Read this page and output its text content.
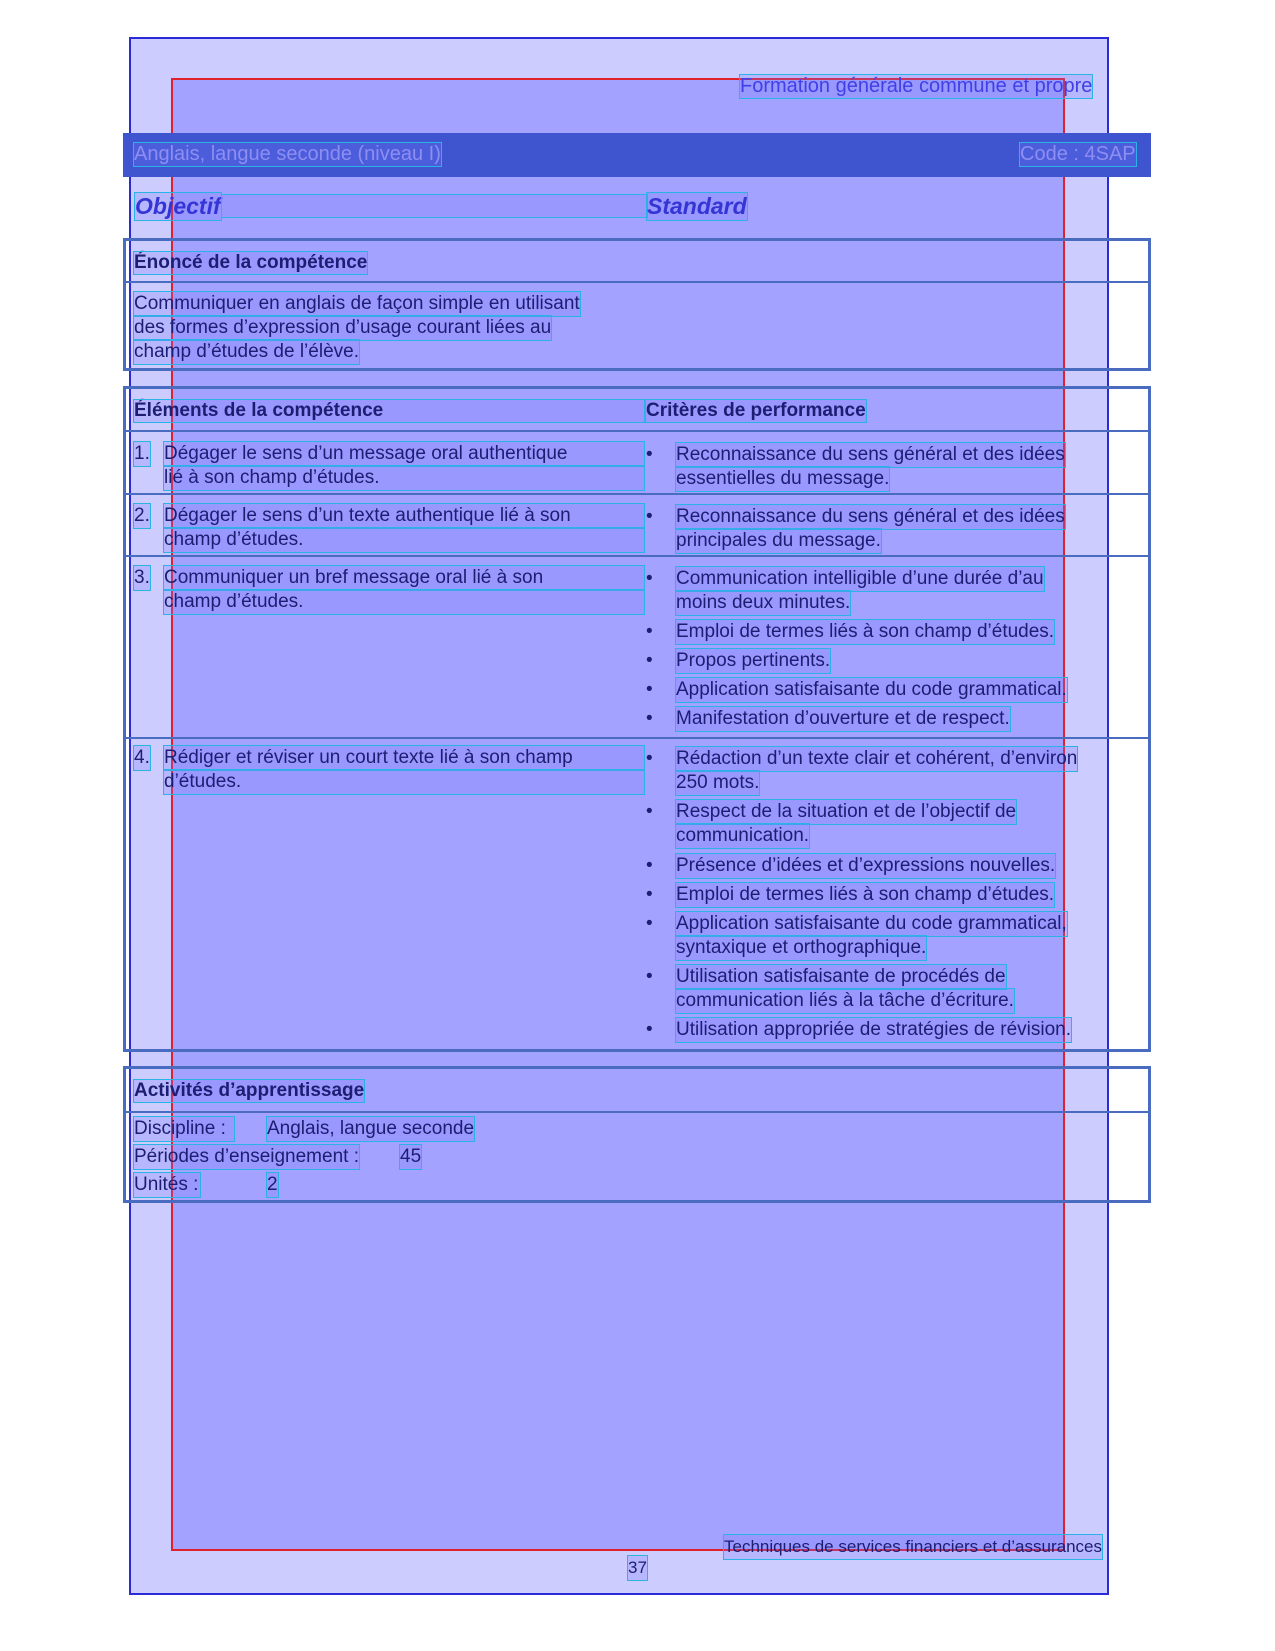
Formation générale commune et propre
Anglais, langue seconde (niveau I)	Code : 4SAP
Objectif	Standard
Énoncé de la compétence
Communiquer en anglais de façon simple en utilisant
des formes d’expression d’usage courant liées au
champ d’études de l’élève.
Éléments de la compétence	Critères de performance
1. Dégager le sens d’un message oral authentique
lié à son champ d’études.
• Reconnaissance du sens général et des idées
essentielles du message.
2. Dégager le sens d’un texte authentique lié à son
champ d’études.
• Reconnaissance du sens général et des idées
principales du message.
3. Communiquer un bref message oral lié à son
champ d’études.
• Communication intelligible d’une durée d’au
moins deux minutes.
• Emploi de termes liés à son champ d’études.
• Propos pertinents.
• Application satisfaisante du code grammatical.
• Manifestation d’ouverture et de respect.
4. Rédiger et réviser un court texte lié à son champ
d’études.
• Rédaction d’un texte clair et cohérent, d’environ
250 mots.
• Respect de la situation et de l’objectif de
communication.
• Présence d’idées et d’expressions nouvelles.
• Emploi de termes liés à son champ d’études.
• Application satisfaisante du code grammatical,
syntaxique et orthographique.
• Utilisation satisfaisante de procédés de
communication liés à la tâche d’écriture.
• Utilisation appropriée de stratégies de révision.
Activités d’apprentissage
Discipline :	Anglais, langue seconde
Périodes d’enseignement : 45
Unités :	2
Techniques de services financiers et d’assurances
37
